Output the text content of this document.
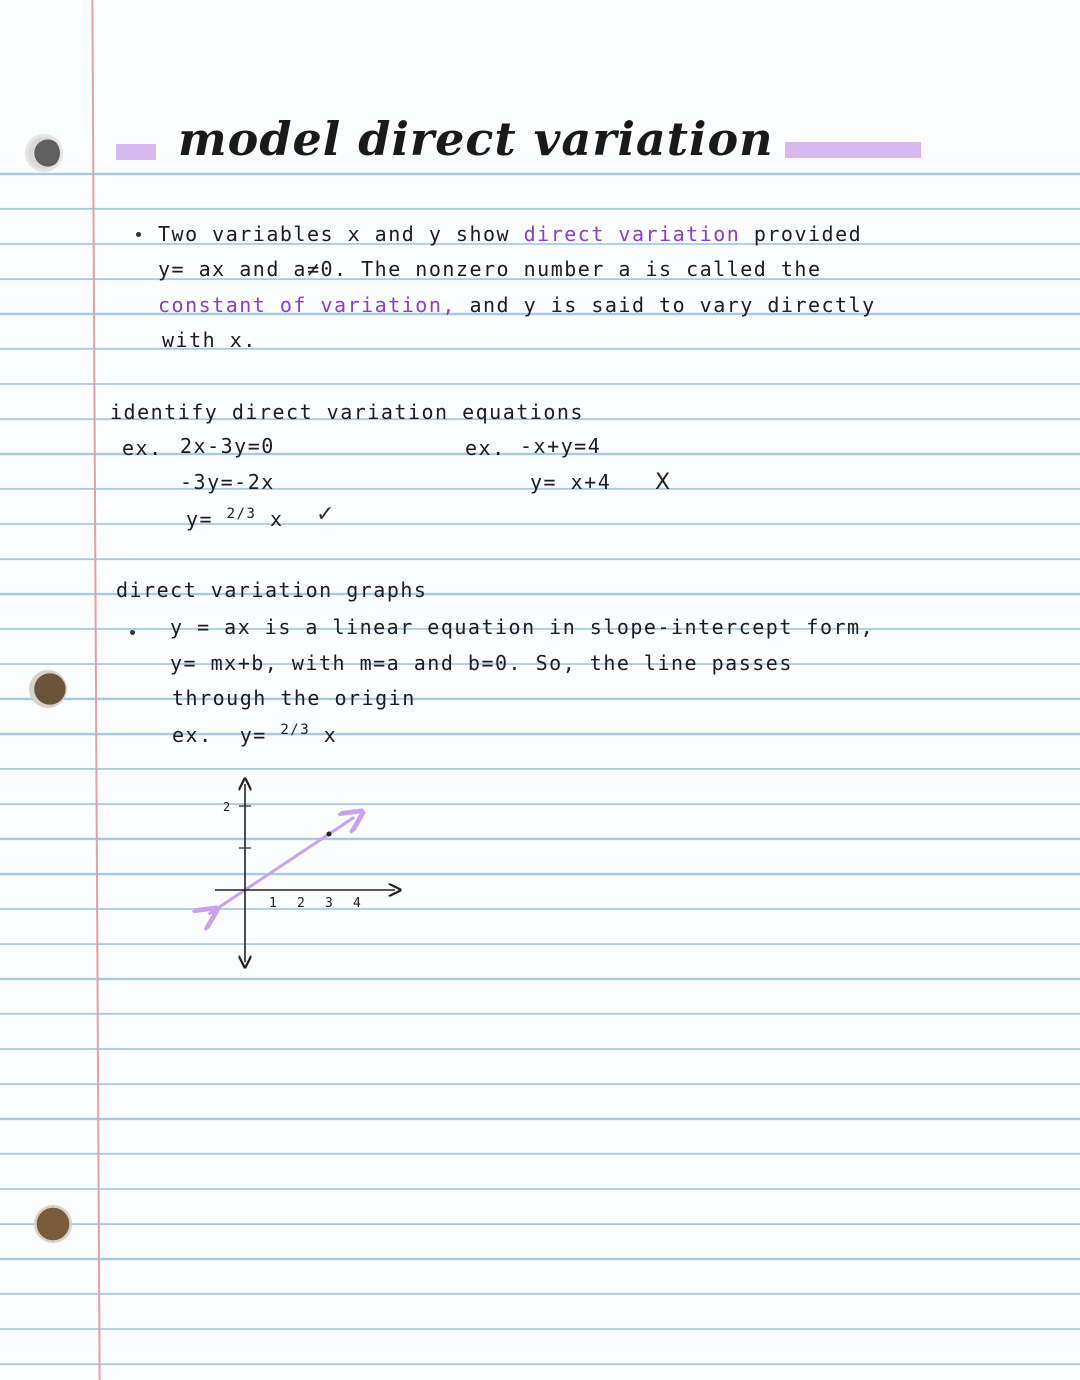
model direct variation
Two variables x and y show direct variation provided
y= ax and a≠0. The nonzero number a is called the
constant of variation, and y is said to vary directly
with x.
identify direct variation equations
ex. 2x-3y=0
-3y=-2x
y= $^{2/3}$ x ✓
ex. -x+y=4
y= x+4 X
direct variation graphs
y = ax is a linear equation in slope-intercept form,
y= mx+b, with m=a and b=0. So, the line passes
through the origin
ex. y= $^{2/3}$ x
1 2 3 4
2
